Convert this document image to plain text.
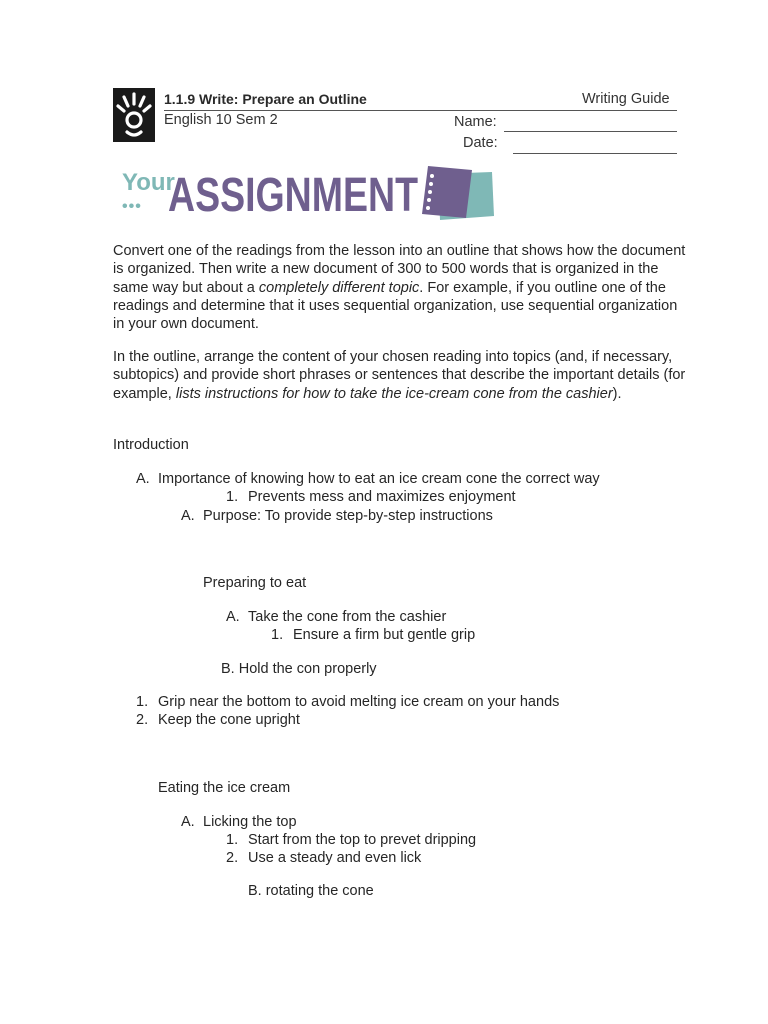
1.1.9 Write: Prepare an Outline	Writing Guide
English 10 Sem 2	Name:
Date:
Your
••• ASSIGNMENT
Convert one of the readings from the lesson into an outline that shows how the document is organized. Then write a new document of 300 to 500 words that is organized in the same way but about a completely different topic. For example, if you outline one of the readings and determine that it uses sequential organization, use sequential organization in your own document.
In the outline, arrange the content of your chosen reading into topics (and, if necessary, subtopics) and provide short phrases or sentences that describe the important details (for example, lists instructions for how to take the ice-cream cone from the cashier).
Introduction
A. Importance of knowing how to eat an ice cream cone the correct way
1. Prevents mess and maximizes enjoyment
A. Purpose: To provide step-by-step instructions
Preparing to eat
A. Take the cone from the cashier
1. Ensure a firm but gentle grip
B. Hold the con properly
1. Grip near the bottom to avoid melting ice cream on your hands
2. Keep the cone upright
Eating the ice cream
A. Licking the top
1. Start from the top to prevet dripping
2. Use a steady and even lick
B. rotating the cone
